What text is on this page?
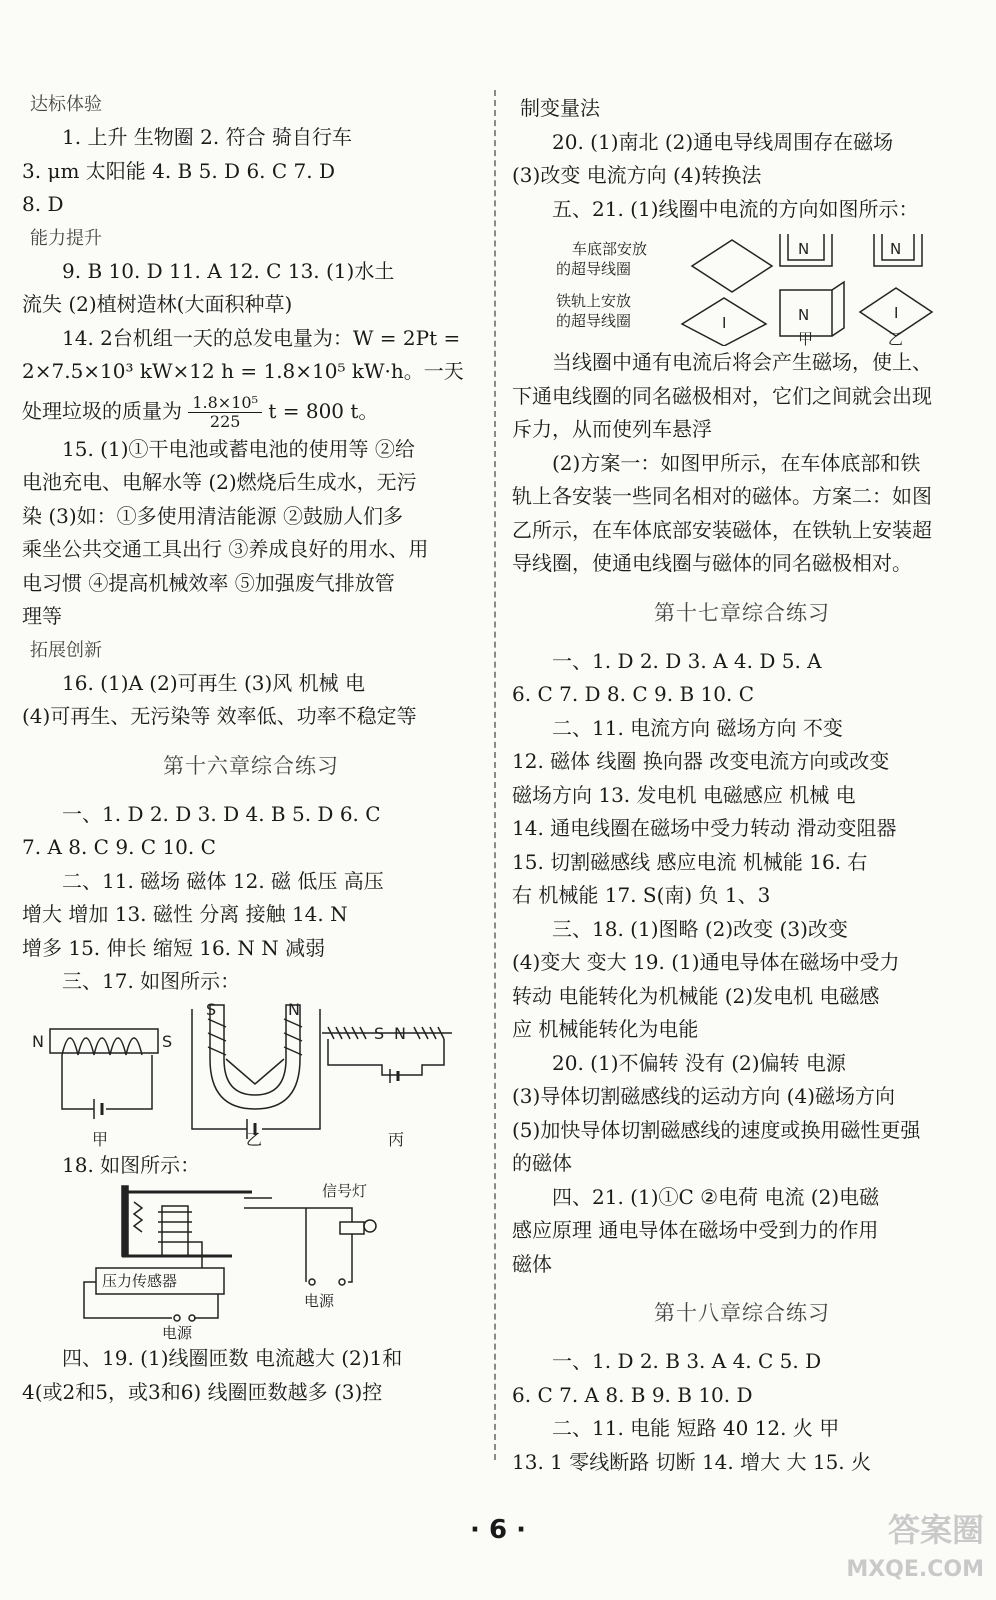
达标体验
1. 上升 生物圈 2. 符合 骑自行车
3. μm 太阳能 4. B 5. D 6. C 7. D
8. D
能力提升
9. B 10. D 11. A 12. C 13. (1)水土
流失 (2)植树造林(大面积种草)
14. 2台机组一天的总发电量为：W = 2Pt =
2×7.5×10³ kW×12 h = 1.8×10⁵ kW·h。一天
处理垃圾的质量为 $\frac{\text{1.8×10⁵}}{225}$ t = 800 t。
15. (1)①干电池或蓄电池的使用等 ②给
电池充电、电解水等 (2)燃烧后生成水，无污
染 (3)如：①多使用清洁能源 ②鼓励人们多
乘坐公共交通工具出行 ③养成良好的用水、用
电习惯 ④提高机械效率 ⑤加强废气排放管
理等
拓展创新
16. (1)A (2)可再生 (3)风 机械 电
(4)可再生、无污染等 效率低、功率不稳定等
第十六章综合练习
一、1. D 2. D 3. D 4. B 5. D 6. C
7. A 8. C 9. C 10. C
二、11. 磁场 磁体 12. 磁 低压 高压
增大 增加 13. 磁性 分离 接触 14. N
增多 15. 伸长 缩短 16. N N 减弱
三、17. 如图所示：
N	S
S	N
S N
甲	乙	丙
18. 如图所示：
信号灯
压力传感器
电源
电源
四、19. (1)线圈匝数 电流越大 (2)1和
4(或2和5，或3和6) 线圈匝数越多 (3)控
制变量法
20. (1)南北 (2)通电导线周围存在磁场
(3)改变 电流方向 (4)转换法
五、21. (1)线圈中电流的方向如图所示：
车底部安放
的超导线圈
铁轨上安放
的超导线圈	I
I
N
N
N
甲	乙
当线圈中通有电流后将会产生磁场，使上、
下通电线圈的同名磁极相对，它们之间就会出现
斥力，从而使列车悬浮
(2)方案一：如图甲所示，在车体底部和铁
轨上各安装一些同名相对的磁体。方案二：如图
乙所示，在车体底部安装磁体，在铁轨上安装超
导线圈，使通电线圈与磁体的同名磁极相对。
第十七章综合练习
一、1. D 2. D 3. A 4. D 5. A
6. C 7. D 8. C 9. B 10. C
二、11. 电流方向 磁场方向 不变
12. 磁体 线圈 换向器 改变电流方向或改变
磁场方向 13. 发电机 电磁感应 机械 电
14. 通电线圈在磁场中受力转动 滑动变阻器
15. 切割磁感线 感应电流 机械能 16. 右
右 机械能 17. S(南) 负 1、3
三、18. (1)图略 (2)改变 (3)改变
(4)变大 变大 19. (1)通电导体在磁场中受力
转动 电能转化为机械能 (2)发电机 电磁感
应 机械能转化为电能
20. (1)不偏转 没有 (2)偏转 电源
(3)导体切割磁感线的运动方向 (4)磁场方向
(5)加快导体切割磁感线的速度或换用磁性更强
的磁体
四、21. (1)①C ②电荷 电流 (2)电磁
感应原理 通电导体在磁场中受到力的作用
磁体
第十八章综合练习
一、1. D 2. B 3. A 4. C 5. D
6. C 7. A 8. B 9. B 10. D
二、11. 电能 短路 40 12. 火 甲
13. 1 零线断路 切断 14. 增大 大 15. 火
· 6 ·	答案圈
MXQE.COM
